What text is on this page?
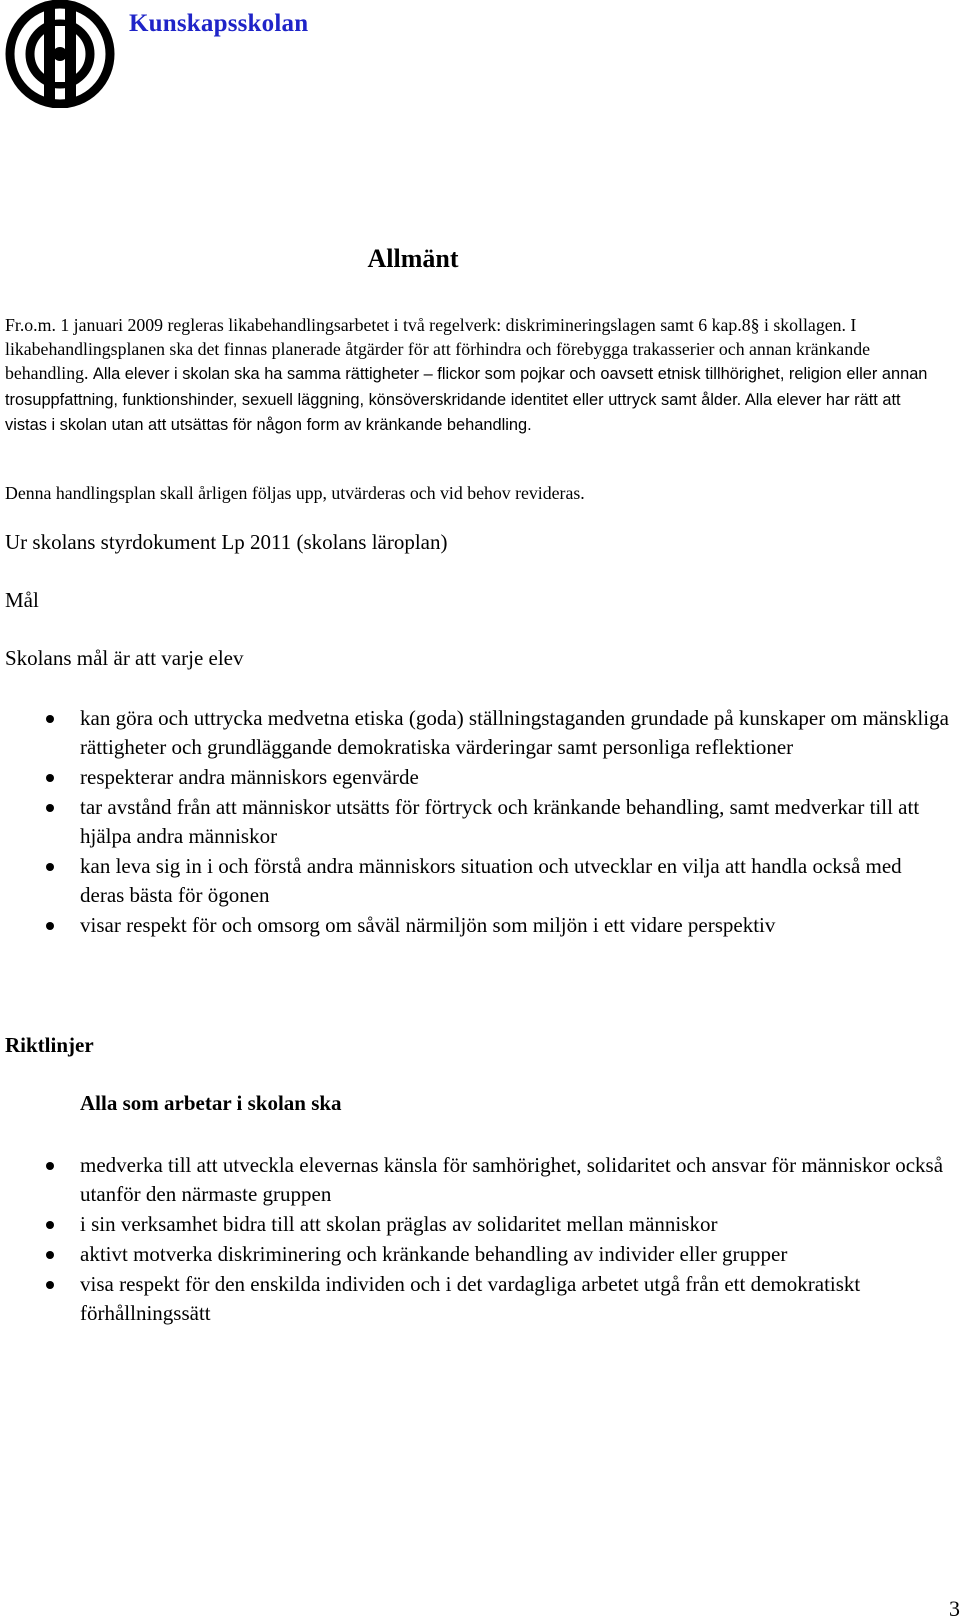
Kunskapsskolan
Allmänt

Fr.o.m. 1 januari 2009 regleras likabehandlingsarbetet i två regelverk: diskrimineringslagen samt 6 kap.8§ i skollagen. I likabehandlingsplanen ska det finnas planerade åtgärder för att förhindra och förebygga trakasserier och annan kränkande behandling. Alla elever i skolan ska ha samma rättigheter – flickor som pojkar och oavsett etnisk tillhörighet, religion eller annan trosuppfattning, funktionshinder, sexuell läggning, könsöverskridande identitet eller uttryck samt ålder. Alla elever har rätt att vistas i skolan utan att utsättas för någon form av kränkande behandling.

Denna handlingsplan skall årligen följas upp, utvärderas och vid behov revideras.

Ur skolans styrdokument Lp 2011 (skolans läroplan)
Mål
Skolans mål är att varje elev
kan göra och uttrycka medvetna etiska (goda) ställningstaganden grundade på kunskaper om mänskliga rättigheter och grundläggande demokratiska värderingar samt personliga reflektioner
respekterar andra människors egenvärde
tar avstånd från att människor utsätts för förtryck och kränkande behandling, samt medverkar till att hjälpa andra människor
kan leva sig in i och förstå andra människors situation och utvecklar en vilja att handla också med deras bästa för ögonen
visar respekt för och omsorg om såväl närmiljön som miljön i ett vidare perspektiv
Riktlinjer
Alla som arbetar i skolan ska
medverka till att utveckla elevernas känsla för samhörighet, solidaritet och ansvar för människor också utanför den närmaste gruppen
i sin verksamhet bidra till att skolan präglas av solidaritet mellan människor
aktivt motverka diskriminering och kränkande behandling av individer eller grupper
visa respekt för den enskilda individen och i det vardagliga arbetet utgå från ett demokratiskt förhållningssätt

3
